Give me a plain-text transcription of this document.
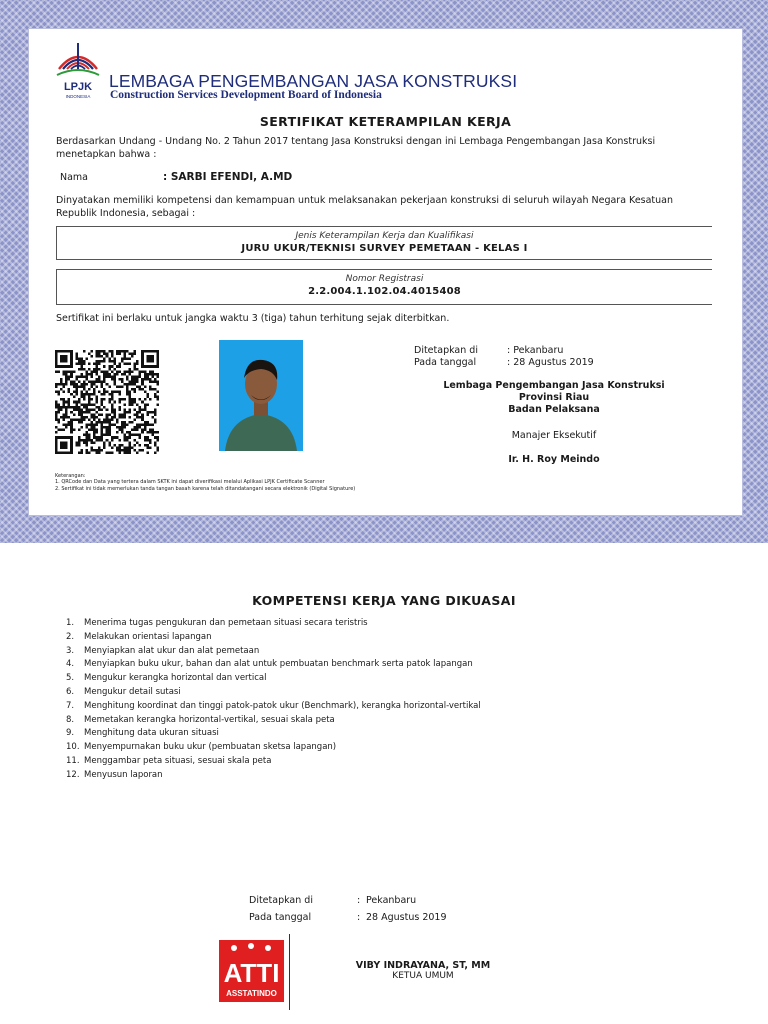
LPJK
INDONESIA
LEMBAGA PENGEMBANGAN JASA KONSTRUKSI
Construction Services Development Board of Indonesia
SERTIFIKAT KETERAMPILAN KERJA
Berdasarkan Undang - Undang No. 2 Tahun 2017 tentang Jasa Konstruksi dengan ini Lembaga Pengembangan Jasa Konstruksi menetapkan bahwa :
Nama	: SARBI EFENDI, A.MD
Dinyatakan memiliki kompetensi dan kemampuan untuk melaksanakan pekerjaan konstruksi di seluruh wilayah Negara Kesatuan Republik Indonesia, sebagai :
Jenis Keterampilan Kerja dan Kualifikasi
JURU UKUR/TEKNISI SURVEY PEMETAAN - KELAS I
Nomor Registrasi
2.2.004.1.102.04.4015408
Sertifikat ini berlaku untuk jangka waktu 3 (tiga) tahun terhitung sejak diterbitkan.
Ditetapkan di	: Pekanbaru
Pada tanggal	: 28 Agustus 2019
Lembaga Pengembangan Jasa Konstruksi
Provinsi Riau
Badan Pelaksana
Manajer Eksekutif
Ir. H. Roy Meindo
Keterangan:
1. QRCode dan Data yang tertera dalam SKTK ini dapat diverifikasi melalui Aplikasi LPJK Certificate Scanner
2. Sertifikat ini tidak memerlukan tanda tangan basah karena telah ditandatangani secara elektronik (Digital Signature)
KOMPETENSI KERJA YANG DIKUASAI
1.	Menerima tugas pengukuran dan pemetaan situasi secara teristris
2.	Melakukan orientasi lapangan
3.	Menyiapkan alat ukur dan alat pemetaan
4.	Menyiapkan buku ukur, bahan dan alat untuk pembuatan benchmark serta patok lapangan
5.	Mengukur kerangka horizontal dan vertical
6.	Mengukur detail sutasi
7.	Menghitung koordinat dan tinggi patok-patok ukur (Benchmark), kerangka horizontal-vertikal
8.	Memetakan kerangka horizontal-vertikal, sesuai skala peta
9.	Menghitung data ukuran situasi
10. Menyempurnakan buku ukur (pembuatan sketsa lapangan)
11. Menggambar peta situasi, sesuai skala peta
12. Menyusun laporan
Ditetapkan di	: Pekanbaru
Pada tanggal	: 28 Agustus 2019
ATTI
ASSTATINDO
VIBY INDRAYANA, ST, MM
KETUA UMUM
